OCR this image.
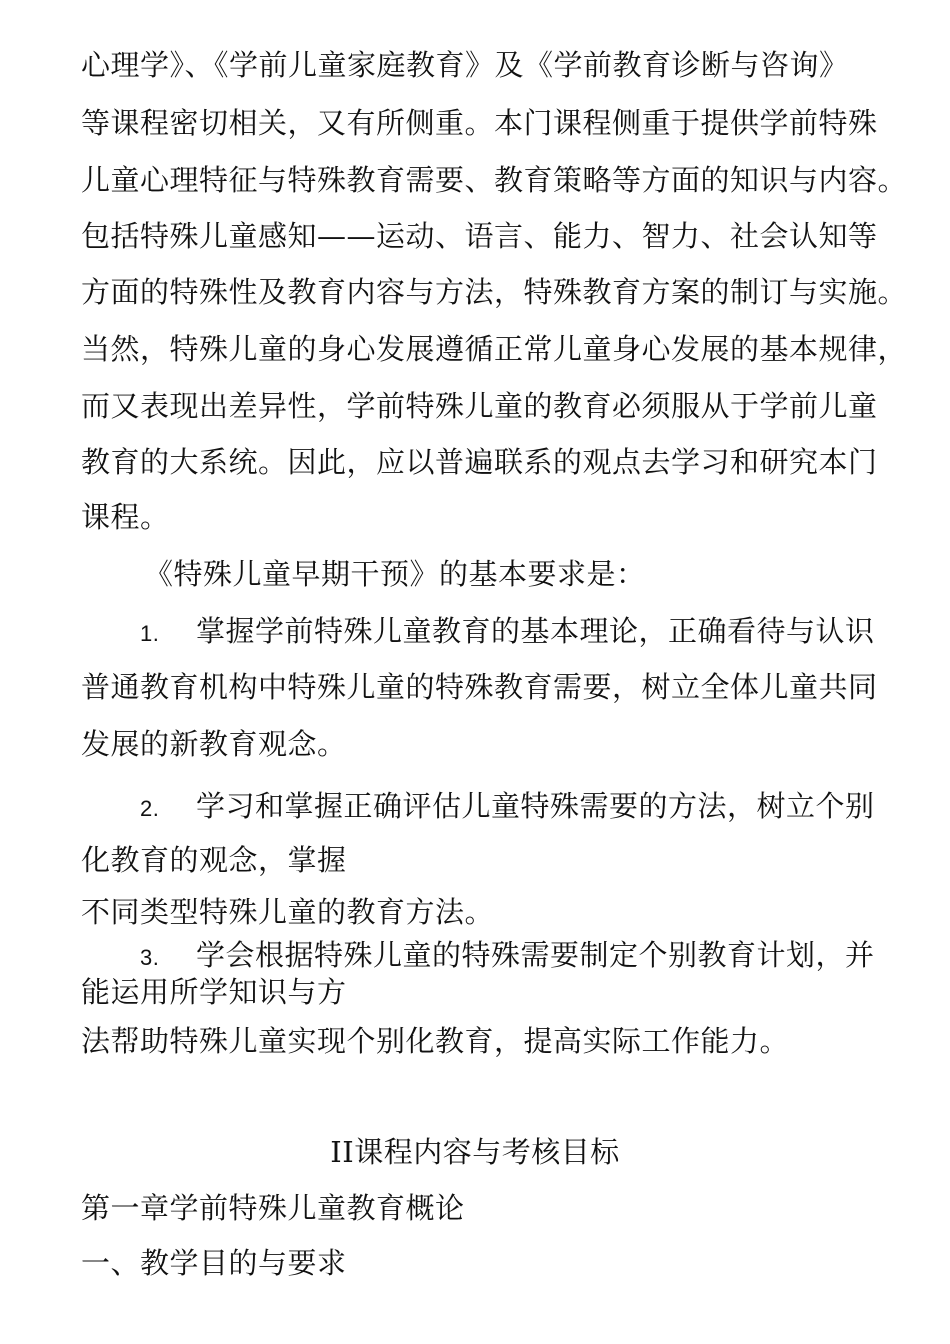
心理学》、《学前儿童家庭教育》及《学前教育诊断与咨询》
等课程密切相关，又有所侧重。本门课程侧重于提供学前特殊
儿童心理特征与特殊教育需要、教育策略等方面的知识与内容。
包括特殊儿童感知——运动、语言、能力、智力、社会认知等
方面的特殊性及教育内容与方法，特殊教育方案的制订与实施。
当然，特殊儿童的身心发展遵循正常儿童身心发展的基本规律，
而又表现出差异性，学前特殊儿童的教育必须服从于学前儿童
教育的大系统。因此，应以普遍联系的观点去学习和研究本门
课程。
《特殊儿童早期干预》的基本要求是：
1. 掌握学前特殊儿童教育的基本理论，正确看待与认识
普通教育机构中特殊儿童的特殊教育需要，树立全体儿童共同
发展的新教育观念。
2. 学习和掌握正确评估儿童特殊需要的方法，树立个别
化教育的观念，掌握
不同类型特殊儿童的教育方法。
3. 学会根据特殊儿童的特殊需要制定个别教育计划，并
能运用所学知识与方
法帮助特殊儿童实现个别化教育，提高实际工作能力。
II课程内容与考核目标
第一章学前特殊儿童教育概论
一、教学目的与要求
